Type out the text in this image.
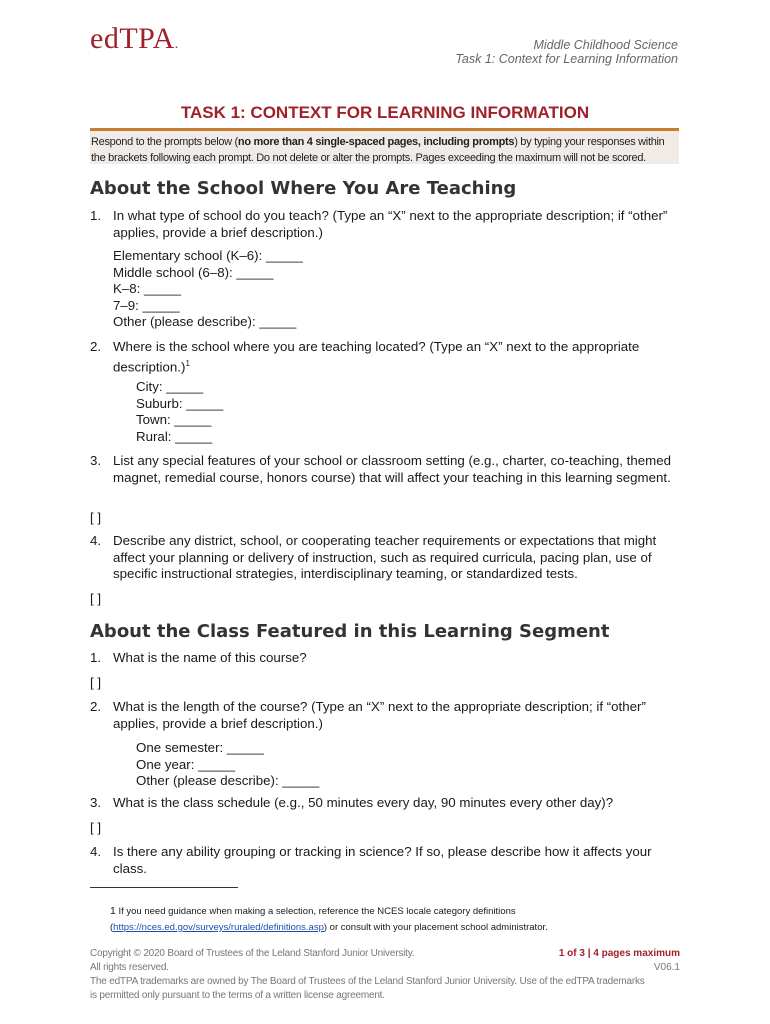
edTPA.	Middle Childhood Science
Task 1: Context for Learning Information
TASK 1: CONTEXT FOR LEARNING INFORMATION
Respond to the prompts below (no more than 4 single-spaced pages, including prompts) by typing your responses within the brackets following each prompt. Do not delete or alter the prompts. Pages exceeding the maximum will not be scored.
About the School Where You Are Teaching
1. In what type of school do you teach? (Type an “X” next to the appropriate description; if “other” applies, provide a brief description.)
Elementary school (K–6): _____
Middle school (6–8): _____
K–8: _____
7–9: _____
Other (please describe): _____
2. Where is the school where you are teaching located? (Type an “X” next to the appropriate description.)$^1$
City: _____
Suburb: _____
Town: _____
Rural: _____
3. List any special features of your school or classroom setting (e.g., charter, co-teaching, themed magnet, remedial course, honors course) that will affect your teaching in this learning segment.
[ ]
4. Describe any district, school, or cooperating teacher requirements or expectations that might affect your planning or delivery of instruction, such as required curricula, pacing plan, use of specific instructional strategies, interdisciplinary teaming, or standardized tests.
[ ]
About the Class Featured in this Learning Segment
1. What is the name of this course?
[ ]
2. What is the length of the course? (Type an “X” next to the appropriate description; if “other” applies, provide a brief description.)
One semester: _____
One year: _____
Other (please describe): _____
3. What is the class schedule (e.g., 50 minutes every day, 90 minutes every other day)?
[ ]
4. Is there any ability grouping or tracking in science? If so, please describe how it affects your class.
1 If you need guidance when making a selection, reference the NCES locale category definitions
(https://nces.ed.gov/surveys/ruraled/definitions.asp) or consult with your placement school administrator.
Copyright © 2020 Board of Trustees of the Leland Stanford Junior University.
All rights reserved.
The edTPA trademarks are owned by The Board of Trustees of the Leland Stanford Junior University. Use of the edTPA trademarks is permitted only pursuant to the terms of a written license agreement.
1 of 3 | 4 pages maximum
V06.1
